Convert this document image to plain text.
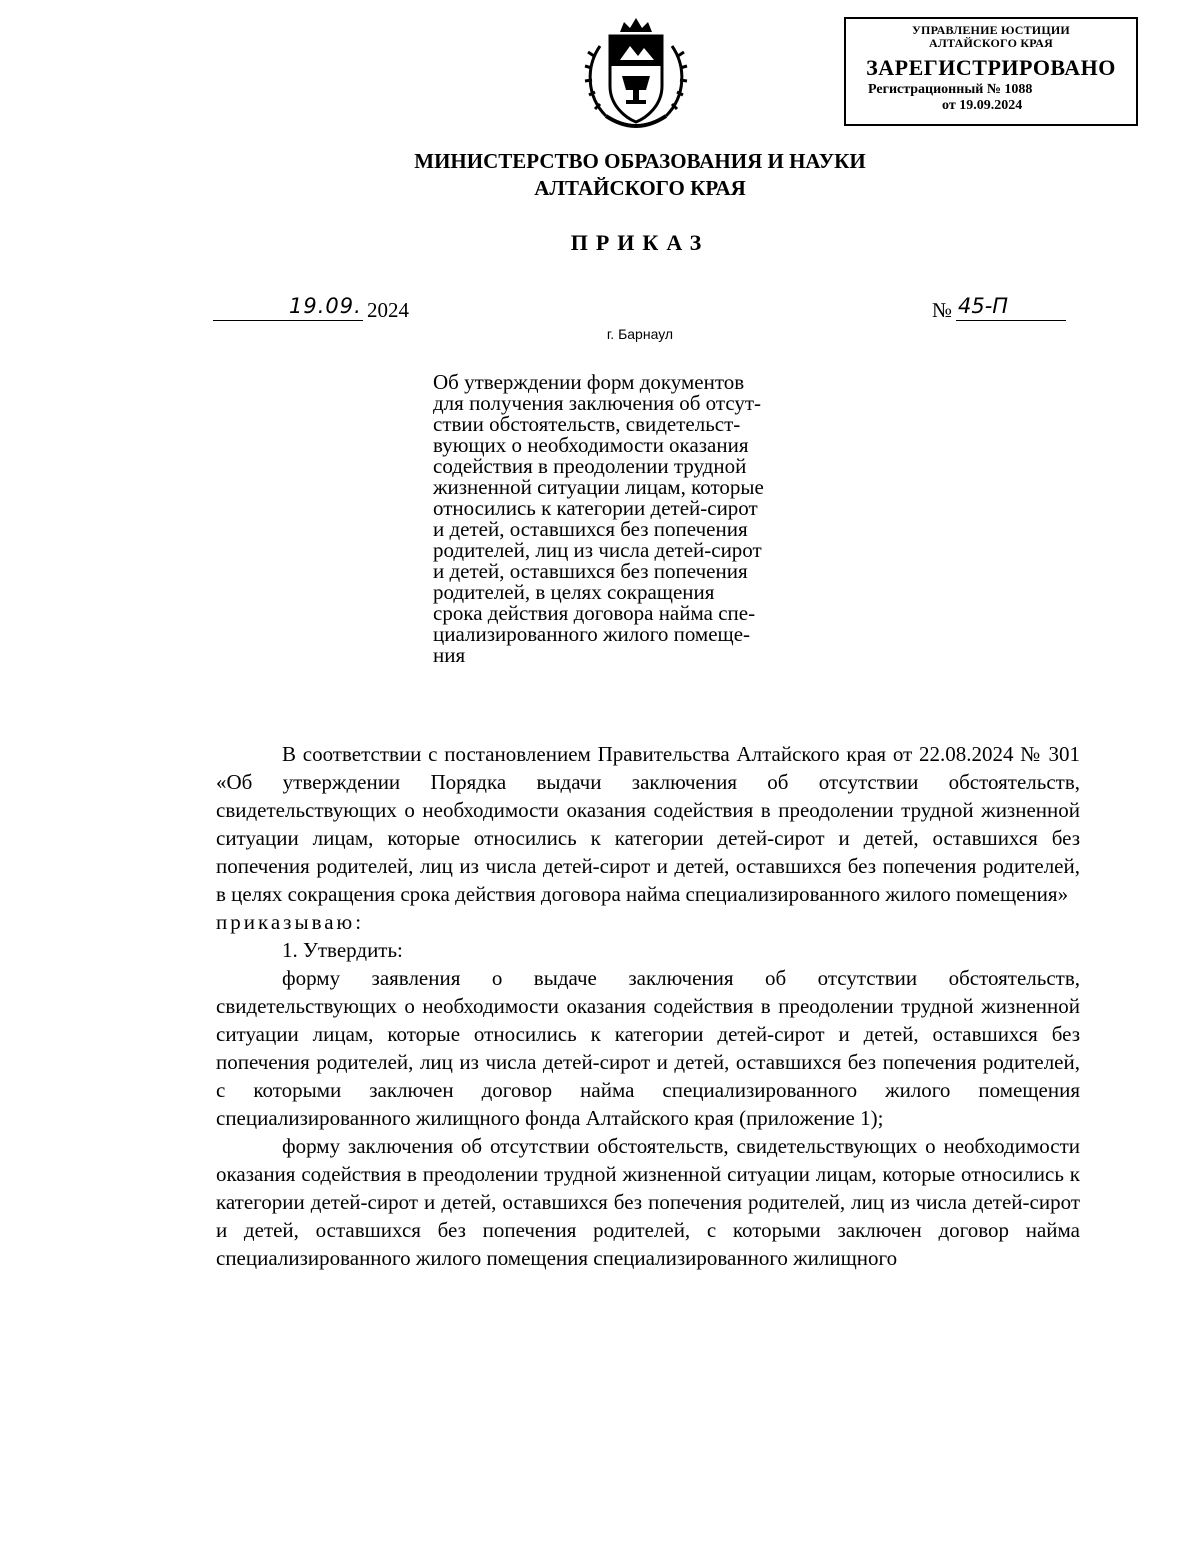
УПРАВЛЕНИЕ ЮСТИЦИИ
АЛТАЙСКОГО КРАЯ
ЗАРЕГИСТРИРОВАНО
Регистрационный № 1088
от 19.09.2024
МИНИСТЕРСТВО ОБРАЗОВАНИЯ И НАУКИ
АЛТАЙСКОГО КРАЯ
ПРИКАЗ
19.09. 2024	№ 45-П
г. Барнаул
Об утверждении форм документов
для получения заключения об отсут-
ствии обстоятельств, свидетельст-
вующих о необходимости оказания
содействия в преодолении трудной
жизненной ситуации лицам, которые
относились к категории детей-сирот
и детей, оставшихся без попечения
родителей, лиц из числа детей-сирот
и детей, оставшихся без попечения
родителей, в целях сокращения
срока действия договора найма спе-
циализированного жилого помеще-
ния
В соответствии с постановлением Правительства Алтайского края от 22.08.2024 № 301 «Об утверждении Порядка выдачи заключения об отсутствии обстоятельств, свидетельствующих о необходимости оказания содействия в преодолении трудной жизненной ситуации лицам, которые относились к категории детей-сирот и детей, оставшихся без попечения родителей, лиц из числа детей-сирот и детей, оставшихся без попечения родителей, в целях сокращения срока действия договора найма специализированного жилого помещения»
приказываю:
1. Утвердить:
форму заявления о выдаче заключения об отсутствии обстоятельств, свидетельствующих о необходимости оказания содействия в преодолении трудной жизненной ситуации лицам, которые относились к категории детей-сирот и детей, оставшихся без попечения родителей, лиц из числа детей-сирот и детей, оставшихся без попечения родителей, с которыми заключен договор найма специализированного жилого помещения специализированного жилищного фонда Алтайского края (приложение 1);
форму заключения об отсутствии обстоятельств, свидетельствующих о необходимости оказания содействия в преодолении трудной жизненной ситуации лицам, которые относились к категории детей-сирот и детей, оставшихся без попечения родителей, лиц из числа детей-сирот и детей, оставшихся без попечения родителей, с которыми заключен договор найма специализированного жилого помещения специализированного жилищного
